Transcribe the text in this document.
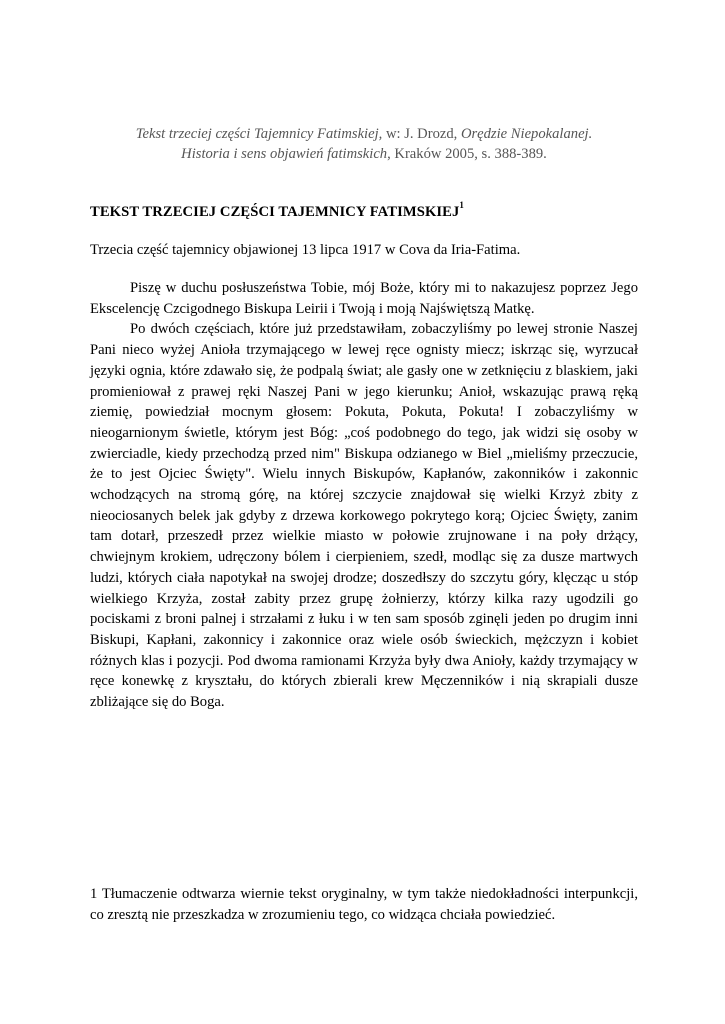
Tekst trzeciej części Tajemnicy Fatimskiej, w: J. Drozd, Orędzie Niepokalanej.
Historia i sens objawień fatimskich, Kraków 2005, s. 388-389.
TEKST TRZECIEJ CZĘŚCI TAJEMNICY FATIMSKIEJ$^1$
Trzecia część tajemnicy objawionej 13 lipca 1917 w Cova da Iria-Fatima.

Piszę w duchu posłuszeństwa Tobie, mój Boże, który mi to nakazujesz poprzez Jego Ekscelencję Czcigodnego Biskupa Leirii i Twoją i moją Najświętszą Matkę.

Po dwóch częściach, które już przedstawiłam, zobaczyliśmy po lewej stronie Naszej Pani nieco wyżej Anioła trzymającego w lewej ręce ognisty miecz; iskrząc się, wyrzucał języki ognia, które zdawało się, że podpalą świat; ale gasły one w zetknięciu z blaskiem, jaki promieniował z prawej ręki Naszej Pani w jego kierunku; Anioł, wskazując prawą ręką ziemię, powiedział mocnym głosem: Pokuta, Pokuta, Pokuta! I zobaczyliśmy w nieogarnionym świetle, którym jest Bóg: „coś podobnego do tego, jak widzi się osoby w zwierciadle, kiedy przechodzą przed nim" Biskupa odzianego w Biel „mieliśmy przeczucie, że to jest Ojciec Święty". Wielu innych Biskupów, Kapłanów, zakonników i zakonnic wchodzących na stromą górę, na której szczycie znajdował się wielki Krzyż zbity z nieociosanych belek jak gdyby z drzewa korkowego pokrytego korą; Ojciec Święty, zanim tam dotarł, przeszedł przez wielkie miasto w połowie zrujnowane i na poły drżący, chwiejnym krokiem, udręczony bólem i cierpieniem, szedł, modląc się za dusze martwych ludzi, których ciała napotykał na swojej drodze; doszedłszy do szczytu góry, klęcząc u stóp wielkiego Krzyża, został zabity przez grupę żołnierzy, którzy kilka razy ugodzili go pociskami z broni palnej i strzałami z łuku i w ten sam sposób zginęli jeden po drugim inni Biskupi, Kapłani, zakonnicy i zakonnice oraz wiele osób świeckich, mężczyzn i kobiet różnych klas i pozycji. Pod dwoma ramionami Krzyża były dwa Anioły, każdy trzymający w ręce konewkę z kryształu, do których zbierali krew Męczenników i nią skrapiali dusze zbliżające się do Boga.

1 Tłumaczenie odtwarza wiernie tekst oryginalny, w tym także niedokładności interpunkcji, co zresztą nie przeszkadza w zrozumieniu tego, co widząca chciała powiedzieć.
